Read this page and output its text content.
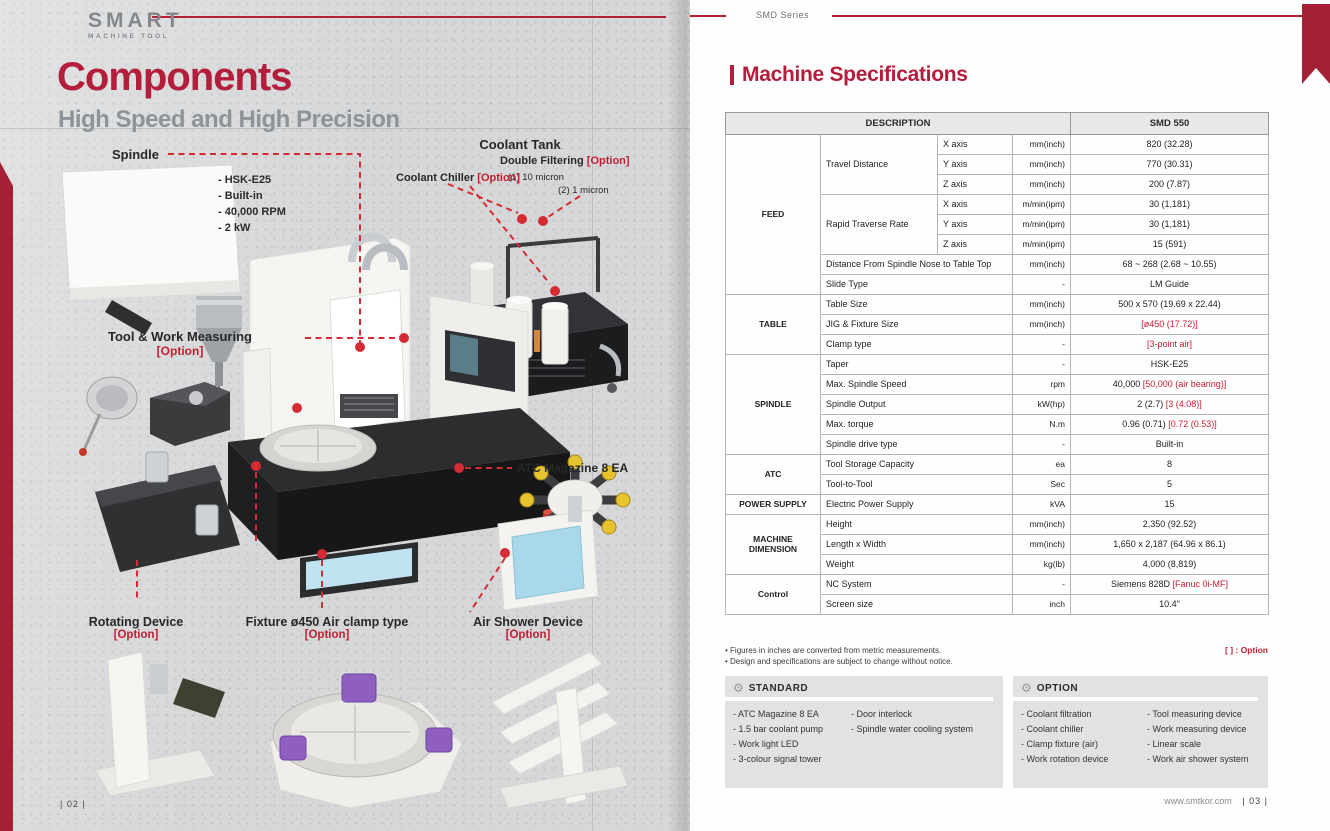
SMART
MACHINE TOOL
Components
High Speed and High Precision
Spindle
- HSK-E25
- Built-in
- 40,000 RPM
- 2 kW
Coolant Tank
Double Filtering [Option]
(1) 10 micron
(2) 1 micron
Coolant Chiller [Option]
Tool & Work Measuring
[Option]
ATC Magazine 8 EA
Rotating Device
[Option]
Fixture ø450 Air clamp type
[Option]
Air Shower Device
[Option]
| 02 |
SMD Series
Machine Specifications
DESCRIPTION				SMD 550
FEED	Travel Distance	X axis	mm(inch)	820 (32.28)
		Y axis	mm(inch)	770 (30.31)
		Z axis	mm(inch)	200 (7.87)
	Rapid Traverse Rate	X axis	m/min(ipm)	30 (1,181)
		Y axis	m/min(ipm)	30 (1,181)
		Z axis	m/min(ipm)	15 (591)
	Distance From Spindle Nose to Table Top		mm(inch)	68 ~ 268 (2.68 ~ 10.55)
	Slide Type		-	LM Guide
TABLE	Table Size		mm(inch)	500 x 570 (19.69 x 22.44)
	JIG & Fixture Size		mm(inch)	[ø450 (17.72)]
	Clamp type		-	[3-point air]
SPINDLE	Taper		-	HSK-E25
	Max. Spindle Speed		rpm	40,000 [50,000 (air bearing)]
	Spindle Output		kW(hp)	2 (2.7) [3 (4.08)]
	Max. torque		N.m	0.96 (0.71) [0.72 (0.53)]
	Spindle drive type		-	Built-in
ATC	Tool Storage Capacity		ea	8
	Tool-to-Tool		Sec	5
POWER SUPPLY	Electric Power Supply		kVA	15
MACHINE DIMENSION	Height		mm(inch)	2,350 (92.52)
	Length x Width		mm(inch)	1,650 x 2,187 (64.96 x 86.1)
	Weight		kg(lb)	4,000 (8,819)
Control	NC System		-	Siemens 828D [Fanuc 0i-MF]
	Screen size		inch	10.4"
• Figures in inches are converted from metric measurements.
• Design and specifications are subject to change without notice.
[ ] : Option
⚙ STANDARD
- ATC Magazine 8 EA
- 1.5 bar coolant pump
- Work light LED
- 3-colour signal tower
- Door interlock
- Spindle water cooling system
⚙ OPTION
- Coolant filtration
- Coolant chiller
- Clamp fixture (air)
- Work rotation device
- Tool measuring device
- Work measuring device
- Linear scale
- Work air shower system
www.smtkor.com | 03 |
